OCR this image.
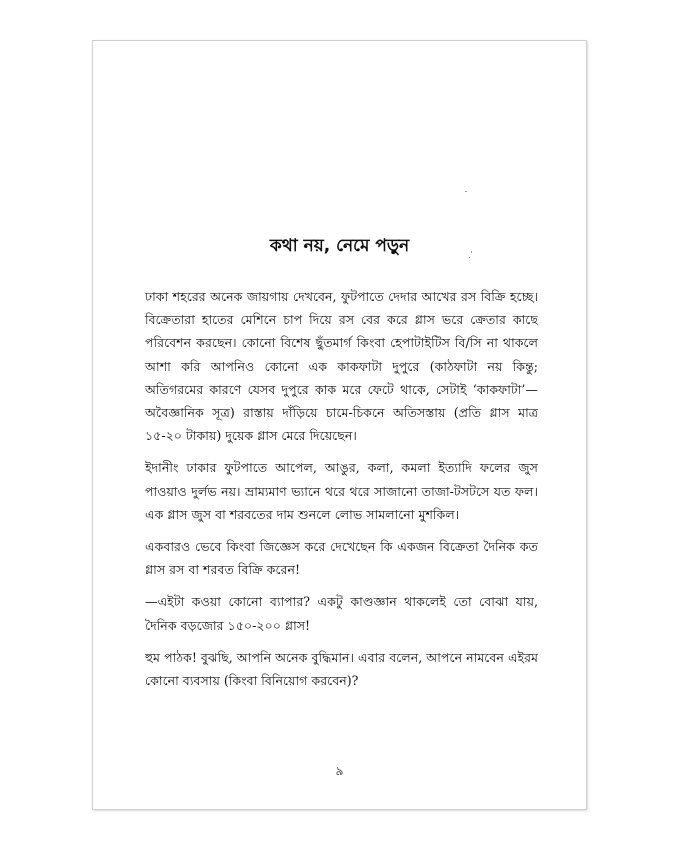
কথা নয়, নেমে পড়ুন

ঢাকা শহরের অনেক জায়গায় দেখবেন, ফুটপাতে দেদার আখের রস বিক্রি হচ্ছে। বিক্রেতারা হাতের মেশিনে চাপ দিয়ে রস বের করে গ্লাস ভরে ক্রেতার কাছে পরিবেশন করছেন। কোনো বিশেষ ছুঁতমার্গ কিংবা হেপাটাইটিস বি/সি না থাকলে আশা করি আপনিও কোনো এক কাকফাটা দুপুরে (কাঠফাটা নয় কিন্তু; অতিগরমের কারণে যেসব দুপুরে কাক মরে ফেটে থাকে, সেটাই ‘কাকফাটা’—অবৈজ্ঞানিক সূত্র) রাস্তায় দাঁড়িয়ে চামে-চিকনে অতিসস্তায় (প্রতি গ্লাস মাত্র ১৫-২০ টাকায়) দুয়েক গ্লাস মেরে দিয়েছেন।

ইদানীং ঢাকার ফুটপাতে আপেল, আঙুর, কলা, কমলা ইত্যাদি ফলের জুস পাওয়াও দুর্লভ নয়। ভ্রাম্যমাণ ভ্যানে থরে থরে সাজানো তাজা-টসটসে যত ফল। এক গ্লাস জুস বা শরবতের দাম শুনলে লোভ সামলানো মুশকিল।

একবারও ভেবে কিংবা জিজ্ঞেস করে দেখেছেন কি একজন বিক্রেতা দৈনিক কত গ্লাস রস বা শরবত বিক্রি করেন!

—এইটা কওয়া কোনো ব্যাপার? একটু কাণ্ডজ্ঞান থাকলেই তো বোঝা যায়, দৈনিক বড়জোর ১৫০-২০০ গ্লাস!

হুম পাঠক! বুঝছি, আপনি অনেক বুদ্ধিমান। এবার বলেন, আপনে নামবেন এইরম কোনো ব্যবসায় (কিংবা বিনিয়োগ করবেন)?

৯
